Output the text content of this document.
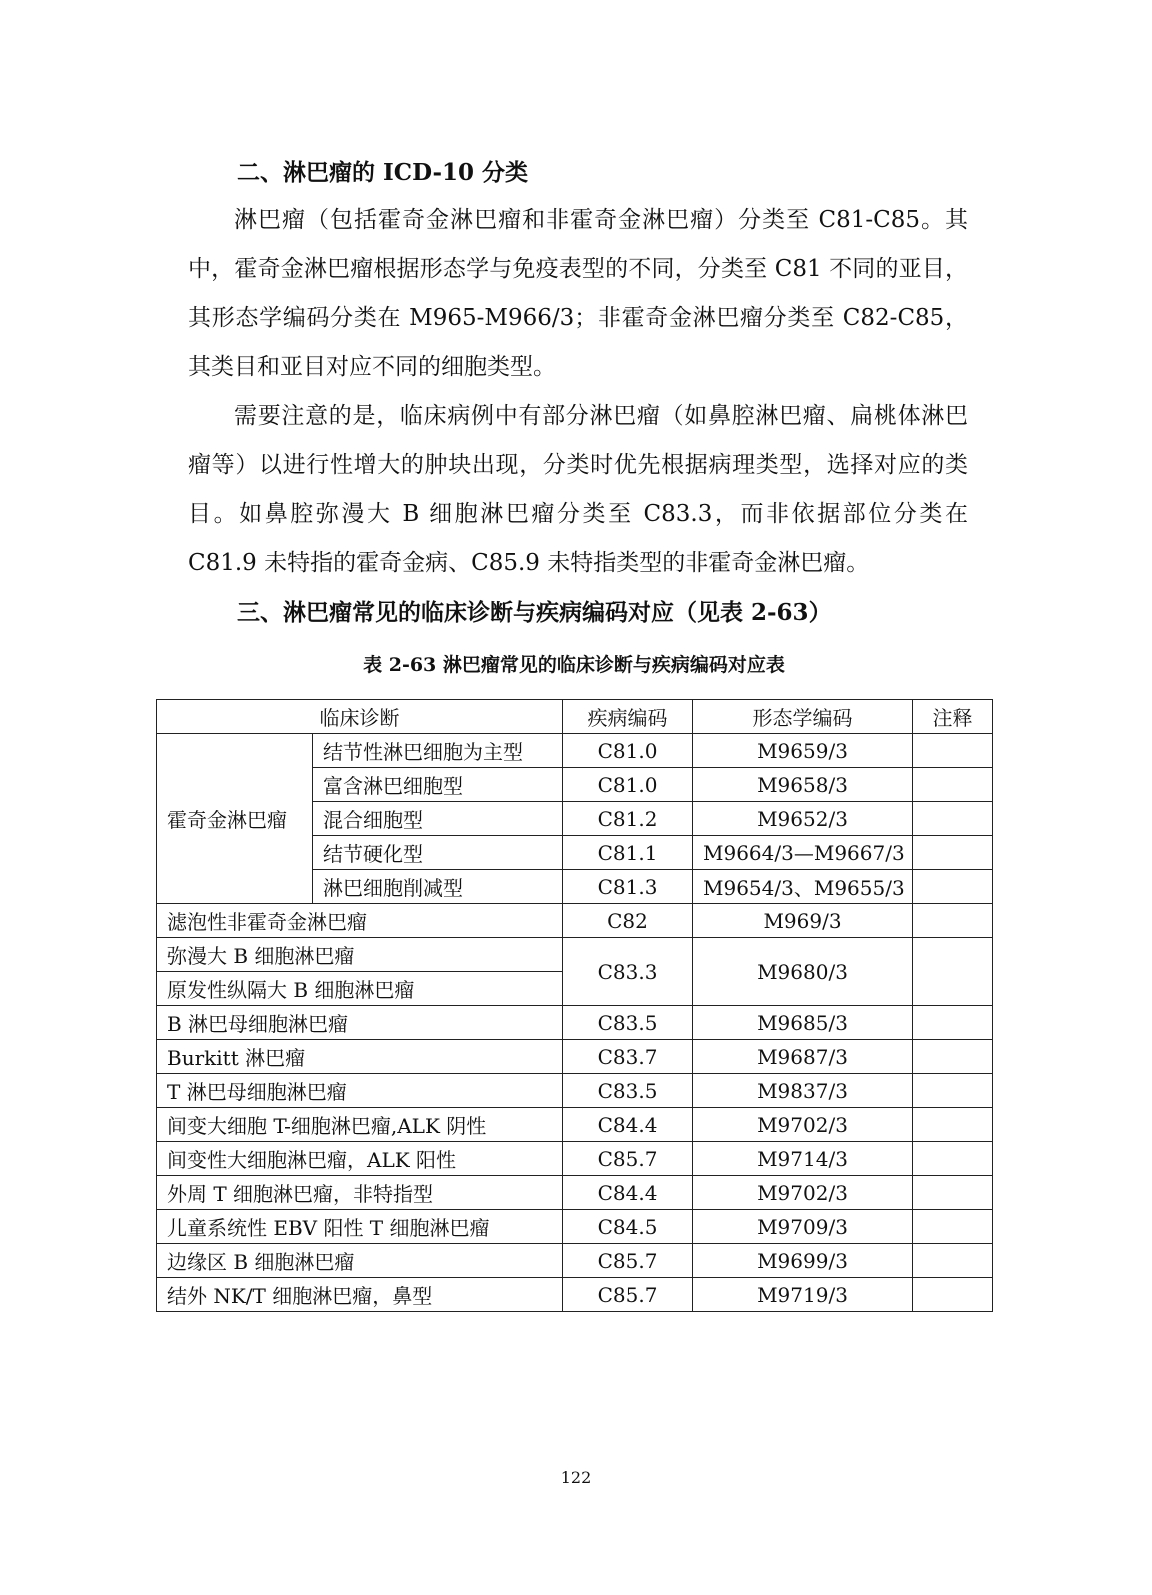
二、淋巴瘤的 ICD-10 分类

淋巴瘤（包括霍奇金淋巴瘤和非霍奇金淋巴瘤）分类至 C81-C85。其中，霍奇金淋巴瘤根据形态学与免疫表型的不同，分类至 C81 不同的亚目，其形态学编码分类在 M965-M966/3；非霍奇金淋巴瘤分类至 C82-C85，其类目和亚目对应不同的细胞类型。

需要注意的是，临床病例中有部分淋巴瘤（如鼻腔淋巴瘤、扁桃体淋巴瘤等）以进行性增大的肿块出现，分类时优先根据病理类型，选择对应的类目。如鼻腔弥漫大 B 细胞淋巴瘤分类至 C83.3，而非依据部位分类在 C81.9 未特指的霍奇金病、C85.9 未特指类型的非霍奇金淋巴瘤。

三、淋巴瘤常见的临床诊断与疾病编码对应（见表 2-63）
表 2-63 淋巴瘤常见的临床诊断与疾病编码对应表
临床诊断		疾病编码	形态学编码	注释
霍奇金淋巴瘤	结节性淋巴细胞为主型	C81.0	M9659/3	
	富含淋巴细胞型	C81.0	M9658/3	
	混合细胞型	C81.2	M9652/3	
	结节硬化型	C81.1	M9664/3—M9667/3	
	淋巴细胞削减型	C81.3	M9654/3、M9655/3	
滤泡性非霍奇金淋巴瘤		C82	M969/3	
弥漫大 B 细胞淋巴瘤		C83.3	M9680/3	
原发性纵隔大 B 细胞淋巴瘤				
B 淋巴母细胞淋巴瘤		C83.5	M9685/3	
Burkitt 淋巴瘤		C83.7	M9687/3	
T 淋巴母细胞淋巴瘤		C83.5	M9837/3	
间变大细胞 T-细胞淋巴瘤,ALK 阴性		C84.4	M9702/3	
间变性大细胞淋巴瘤，ALK 阳性		C85.7	M9714/3	
外周 T 细胞淋巴瘤，非特指型		C84.4	M9702/3	
儿童系统性 EBV 阳性 T 细胞淋巴瘤		C84.5	M9709/3	
边缘区 B 细胞淋巴瘤		C85.7	M9699/3	
结外 NK/T 细胞淋巴瘤，鼻型		C85.7	M9719/3	
122
